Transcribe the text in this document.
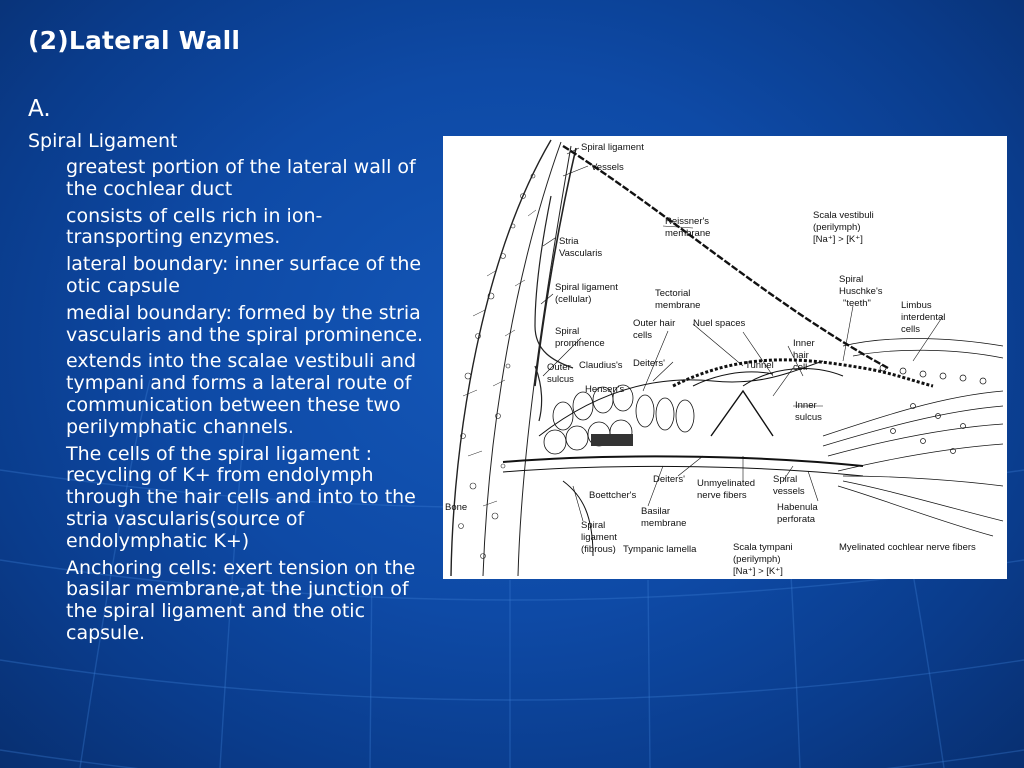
(2)Lateral Wall
A.
Spiral Ligament
greatest portion of the lateral wall of the cochlear duct
consists of cells rich in ion-transporting enzymes.
lateral boundary: inner surface of the otic capsule
medial boundary: formed by the stria vascularis and the spiral prominence.
extends into the scalae vestibuli and tympani and forms a lateral route of communication between these two perilymphatic channels.
The cells of the spiral ligament : recycling of K+ from endolymph through the hair cells and into to the stria vascularis(source of endolymphatic K+)
Anchoring cells: exert tension on the basilar membrane,at the junction of the spiral ligament and the otic capsule.
Spiral ligament
Vessels
Reissner's
membrane
Scala vestibuli
(perilymph)
[Na⁺] > [K⁺]
Stria
Vascularis
Spiral
Huschke's
"teeth"	Limbus
interdental
cells
Spiral ligament
(cellular)
Tectorial
membrane
Outer hair
cells
Nuel spaces
Spiral
prominence	Inner
hair
cell
Claudius's Deiters'	Tunnel
Outer
sulcus
Hensen's
Inner
sulcus
Deiters' Unmyelinated
nerve fibers
Spiral
vessels
Bone
Boettcher's
Basilar
membrane
Habenula
perforata
Spiral
ligament
(fibrous) Tympanic lamella	Scala tympani
(perilymph)
[Na⁺] > [K⁺]
Myelinated cochlear nerve fibers
